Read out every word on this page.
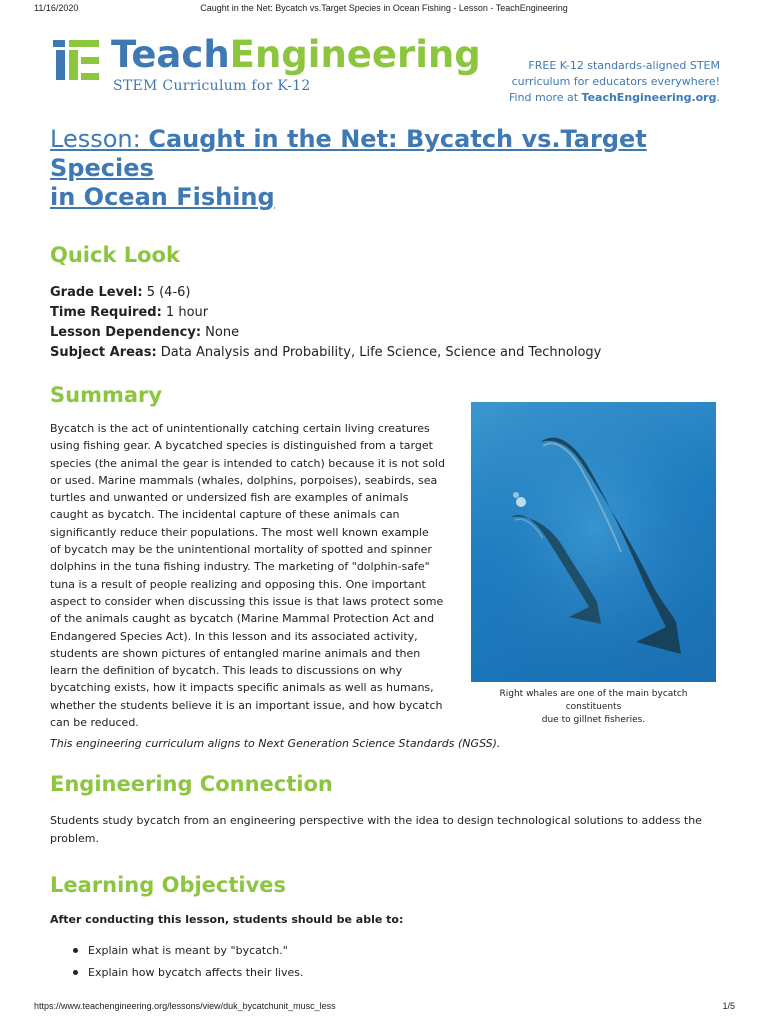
11/16/2020	Caught in the Net: Bycatch vs.Target Species in Ocean Fishing - Lesson - TeachEngineering
TeachEngineering
STEM Curriculum for K-12
FREE K-12 standards-aligned STEM
curriculum for educators everywhere!
Find more at TeachEngineering.org.
Lesson: Caught in the Net: Bycatch vs.Target Species
in Ocean Fishing
Quick Look
Grade Level: 5 (4-6)
Time Required: 1 hour
Lesson Dependency: None
Subject Areas: Data Analysis and Probability, Life Science, Science and Technology
Summary
Bycatch is the act of unintentionally catching certain living creatures
using fishing gear. A bycatched species is distinguished from a target
species (the animal the gear is intended to catch) because it is not sold
or used. Marine mammals (whales, dolphins, porpoises), seabirds, sea
turtles and unwanted or undersized fish are examples of animals
caught as bycatch. The incidental capture of these animals can
significantly reduce their populations. The most well known example
of bycatch may be the unintentional mortality of spotted and spinner
dolphins in the tuna fishing industry. The marketing of "dolphin-safe"
tuna is a result of people realizing and opposing this. One important
aspect to consider when discussing this issue is that laws protect some
of the animals caught as bycatch (Marine Mammal Protection Act and
Endangered Species Act). In this lesson and its associated activity,
students are shown pictures of entangled marine animals and then
learn the definition of bycatch. This leads to discussions on why
bycatching exists, how it impacts specific animals as well as humans,
whether the students believe it is an important issue, and how bycatch
can be reduced.
This engineering curriculum aligns to Next Generation Science Standards (NGSS).
Right whales are one of the main bycatch constituents
due to gillnet fisheries.
Engineering Connection
Students study bycatch from an engineering perspective with the idea to design technological solutions to addess the
problem.
Learning Objectives
After conducting this lesson, students should be able to:
Explain what is meant by "bycatch."
Explain how bycatch affects their lives.
https://www.teachengineering.org/lessons/view/duk_bycatchunit_musc_less	1/5
